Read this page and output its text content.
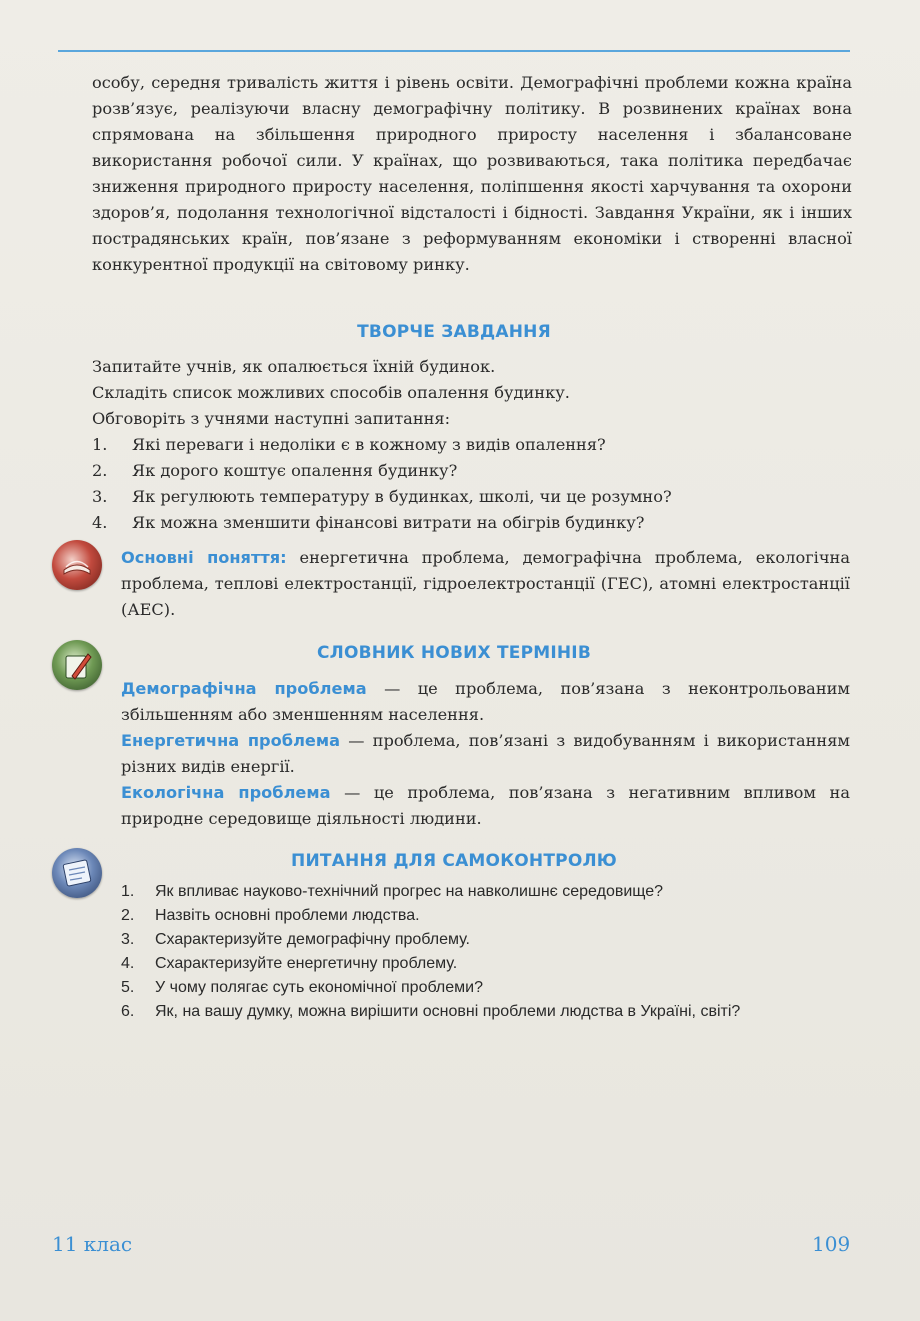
особу, середня тривалість життя і рівень освіти. Демографічні проблеми кожна країна розв’язує, реалізуючи власну демографічну політику. В розвинених країнах вона спрямована на збільшення природного приросту населення і збалансоване використання робочої сили. У країнах, що розвиваються, така політика передбачає зниження природного приросту населення, поліпшення якості харчування та охорони здоров’я, подолання технологічної відсталості і бідності. Завдання України, як і інших пострадянських країн, пов’язане з реформуванням економіки і створенні власної конкурентної продукції на світовому ринку.

ТВОРЧЕ ЗАВДАННЯ

Запитайте учнів, як опалюється їхній будинок.

Складіть список можливих способів опалення будинку.

Обговоріть з учнями наступні запитання:

1.	Які переваги і недоліки є в кожному з видів опалення?
2.	Як дорого коштує опалення будинку?
3.	Як регулюють температуру в будинках, школі, чи це розумно?
4.	Як можна зменшити фінансові витрати на обігрів будинку?

Основні поняття: енергетична проблема, демографічна проблема, екологічна проблема, теплові електростанції, гідроелектростанції (ГЕС), атомні електростанції (АЕС).

СЛОВНИК НОВИХ ТЕРМІНІВ

Демографічна проблема — це проблема, пов’язана з неконтрольованим збільшенням або зменшенням населення.

Енергетична проблема — проблема, пов’язані з видобуванням і використанням різних видів енергії.

Екологічна проблема — це проблема, пов’язана з негативним впливом на природне середовище діяльності людини.

ПИТАННЯ ДЛЯ САМОКОНТРОЛЮ
1.	Як впливає науково-технічний прогрес на навколишнє середовище?
2.	Назвіть основні проблеми людства.
3.	Схарактеризуйте демографічну проблему.
4.	Схарактеризуйте енергетичну проблему.
5.	У чому полягає суть економічної проблеми?
6.	Як, на вашу думку, можна вирішити основні проблеми людства в Україні, світі?
11 клас	109
